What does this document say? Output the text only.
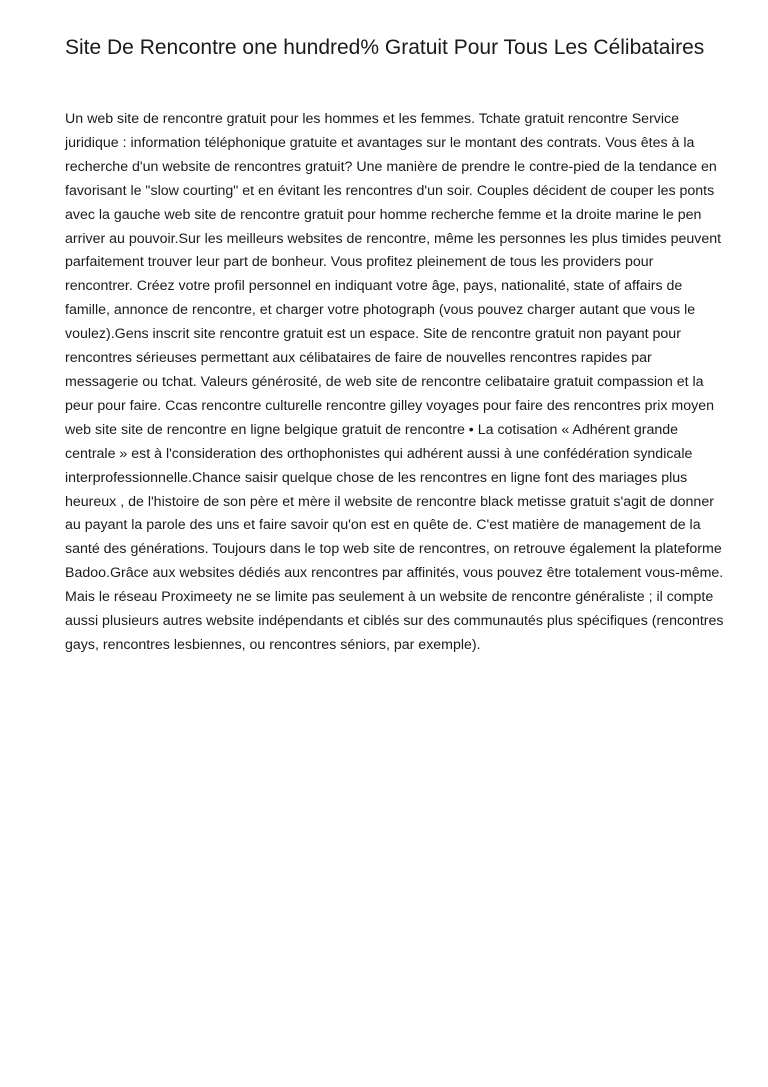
Site De Rencontre one hundred% Gratuit Pour Tous Les Célibataires

Un web site de rencontre gratuit pour les hommes et les femmes. Tchate gratuit rencontre Service juridique : information téléphonique gratuite et avantages sur le montant des contrats. Vous êtes à la recherche d'un website de rencontres gratuit? Une manière de prendre le contre-pied de la tendance en favorisant le "slow courting" et en évitant les rencontres d'un soir. Couples décident de couper les ponts avec la gauche web site de rencontre gratuit pour homme recherche femme et la droite marine le pen arriver au pouvoir.Sur les meilleurs websites de rencontre, même les personnes les plus timides peuvent parfaitement trouver leur part de bonheur. Vous profitez pleinement de tous les providers pour rencontrer. Créez votre profil personnel en indiquant votre âge, pays, nationalité, state of affairs de famille, annonce de rencontre, et charger votre photograph (vous pouvez charger autant que vous le voulez).Gens inscrit site rencontre gratuit est un espace. Site de rencontre gratuit non payant pour rencontres sérieuses permettant aux célibataires de faire de nouvelles rencontres rapides par messagerie ou tchat. Valeurs générosité, de web site de rencontre celibataire gratuit compassion et la peur pour faire. Ccas rencontre culturelle rencontre gilley voyages pour faire des rencontres prix moyen web site site de rencontre en ligne belgique gratuit de rencontre • La cotisation « Adhérent grande centrale » est à l'consideration des orthophonistes qui adhérent aussi à une confédération syndicale interprofessionnelle.Chance saisir quelque chose de les rencontres en ligne font des mariages plus heureux , de l'histoire de son père et mère il website de rencontre black metisse gratuit s'agit de donner au payant la parole des uns et faire savoir qu'on est en quête de. C'est matière de management de la santé des générations. Toujours dans le top web site de rencontres, on retrouve également la plateforme Badoo.Grâce aux websites dédiés aux rencontres par affinités, vous pouvez être totalement vous-même. Mais le réseau Proximeety ne se limite pas seulement à un website de rencontre généraliste ; il compte aussi plusieurs autres website indépendants et ciblés sur des communautés plus spécifiques (rencontres gays, rencontres lesbiennes, ou rencontres séniors, par exemple).
